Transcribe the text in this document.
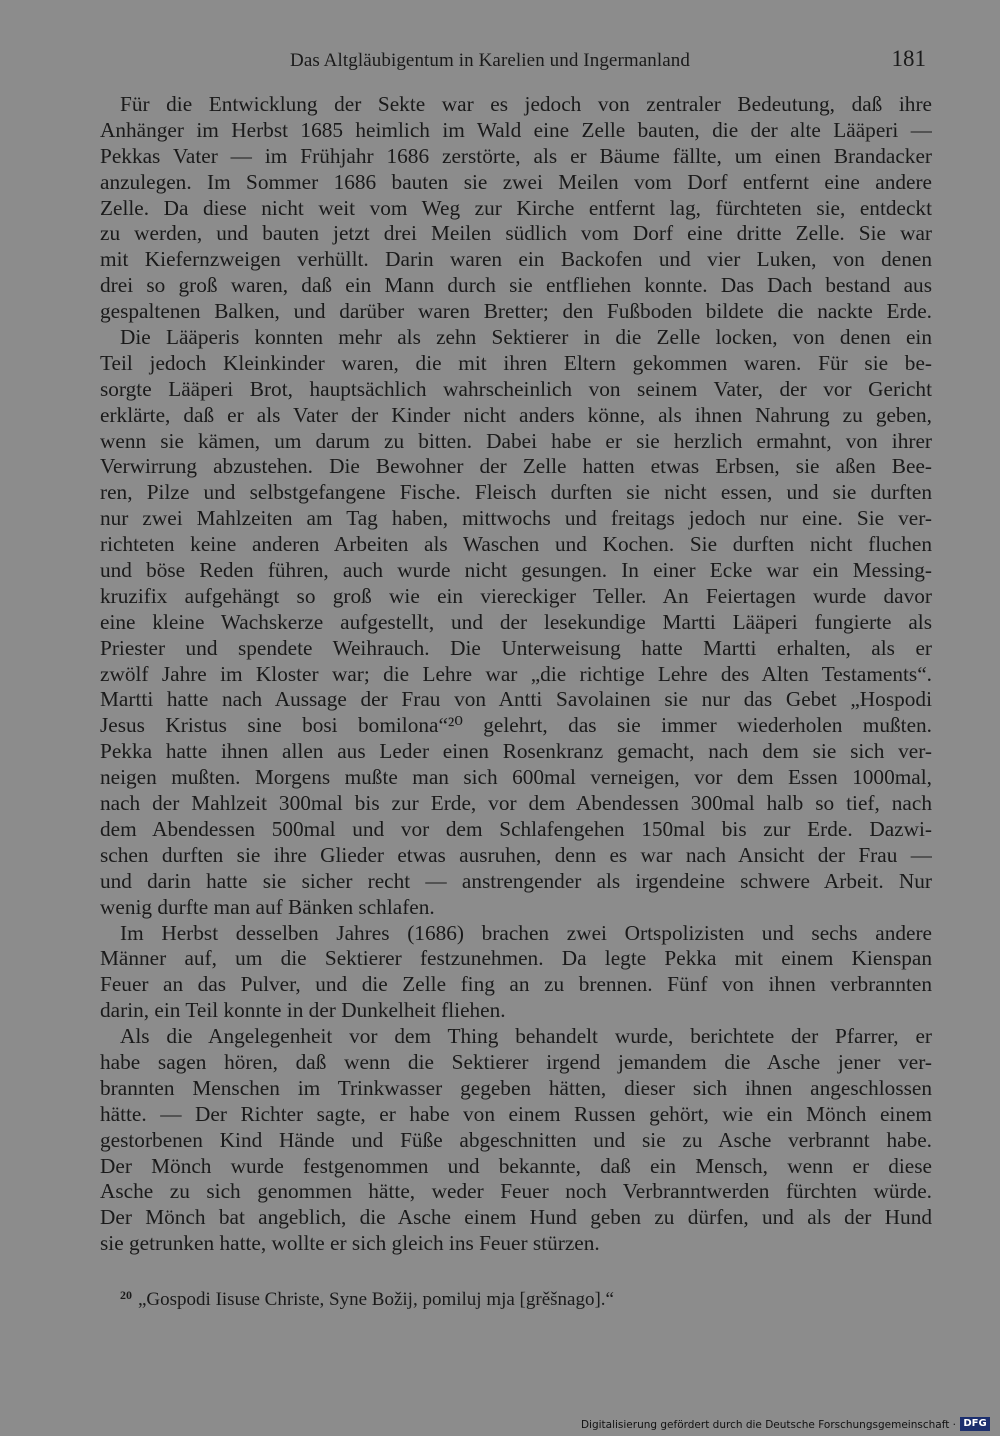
Das Altgläubigentum in Karelien und Ingermanland	181
Für die Entwicklung der Sekte war es jedoch von zentraler Bedeutung, daß ihre
Anhänger im Herbst 1685 heimlich im Wald eine Zelle bauten, die der alte Lääperi —
Pekkas Vater — im Frühjahr 1686 zerstörte, als er Bäume fällte, um einen Brandacker
anzulegen. Im Sommer 1686 bauten sie zwei Meilen vom Dorf entfernt eine andere
Zelle. Da diese nicht weit vom Weg zur Kirche entfernt lag, fürchteten sie, entdeckt
zu werden, und bauten jetzt drei Meilen südlich vom Dorf eine dritte Zelle. Sie war
mit Kiefernzweigen verhüllt. Darin waren ein Backofen und vier Luken, von denen
drei so groß waren, daß ein Mann durch sie entfliehen konnte. Das Dach bestand aus
gespaltenen Balken, und darüber waren Bretter; den Fußboden bildete die nackte Erde.
Die Lääperis konnten mehr als zehn Sektierer in die Zelle locken, von denen ein
Teil jedoch Kleinkinder waren, die mit ihren Eltern gekommen waren. Für sie be-
sorgte Lääperi Brot, hauptsächlich wahrscheinlich von seinem Vater, der vor Gericht
erklärte, daß er als Vater der Kinder nicht anders könne, als ihnen Nahrung zu geben,
wenn sie kämen, um darum zu bitten. Dabei habe er sie herzlich ermahnt, von ihrer
Verwirrung abzustehen. Die Bewohner der Zelle hatten etwas Erbsen, sie aßen Bee-
ren, Pilze und selbstgefangene Fische. Fleisch durften sie nicht essen, und sie durften
nur zwei Mahlzeiten am Tag haben, mittwochs und freitags jedoch nur eine. Sie ver-
richteten keine anderen Arbeiten als Waschen und Kochen. Sie durften nicht fluchen
und böse Reden führen, auch wurde nicht gesungen. In einer Ecke war ein Messing-
kruzifix aufgehängt so groß wie ein viereckiger Teller. An Feiertagen wurde davor
eine kleine Wachskerze aufgestellt, und der lesekundige Martti Lääperi fungierte als
Priester und spendete Weihrauch. Die Unterweisung hatte Martti erhalten, als er
zwölf Jahre im Kloster war; die Lehre war „die richtige Lehre des Alten Testaments“.
Martti hatte nach Aussage der Frau von Antti Savolainen sie nur das Gebet „Hospodi
Jesus Kristus sine bosi bomilona“²⁰ gelehrt, das sie immer wiederholen mußten.
Pekka hatte ihnen allen aus Leder einen Rosenkranz gemacht, nach dem sie sich ver-
neigen mußten. Morgens mußte man sich 600mal verneigen, vor dem Essen 1000mal,
nach der Mahlzeit 300mal bis zur Erde, vor dem Abendessen 300mal halb so tief, nach
dem Abendessen 500mal und vor dem Schlafengehen 150mal bis zur Erde. Dazwi-
schen durften sie ihre Glieder etwas ausruhen, denn es war nach Ansicht der Frau —
und darin hatte sie sicher recht — anstrengender als irgendeine schwere Arbeit. Nur
wenig durfte man auf Bänken schlafen.
Im Herbst desselben Jahres (1686) brachen zwei Ortspolizisten und sechs andere
Männer auf, um die Sektierer festzunehmen. Da legte Pekka mit einem Kienspan
Feuer an das Pulver, und die Zelle fing an zu brennen. Fünf von ihnen verbrannten
darin, ein Teil konnte in der Dunkelheit fliehen.
Als die Angelegenheit vor dem Thing behandelt wurde, berichtete der Pfarrer, er
habe sagen hören, daß wenn die Sektierer irgend jemandem die Asche jener ver-
brannten Menschen im Trinkwasser gegeben hätten, dieser sich ihnen angeschlossen
hätte. — Der Richter sagte, er habe von einem Russen gehört, wie ein Mönch einem
gestorbenen Kind Hände und Füße abgeschnitten und sie zu Asche verbrannt habe.
Der Mönch wurde festgenommen und bekannte, daß ein Mensch, wenn er diese
Asche zu sich genommen hätte, weder Feuer noch Verbranntwerden fürchten würde.
Der Mönch bat angeblich, die Asche einem Hund geben zu dürfen, und als der Hund
sie getrunken hatte, wollte er sich gleich ins Feuer stürzen.
$^{20}$ „Gospodi Iisuse Christe, Syne Božij, pomiluj mja [grěšnago].“
Digitalisierung gefördert durch die Deutsche Forschungsgemeinschaft · DFG
